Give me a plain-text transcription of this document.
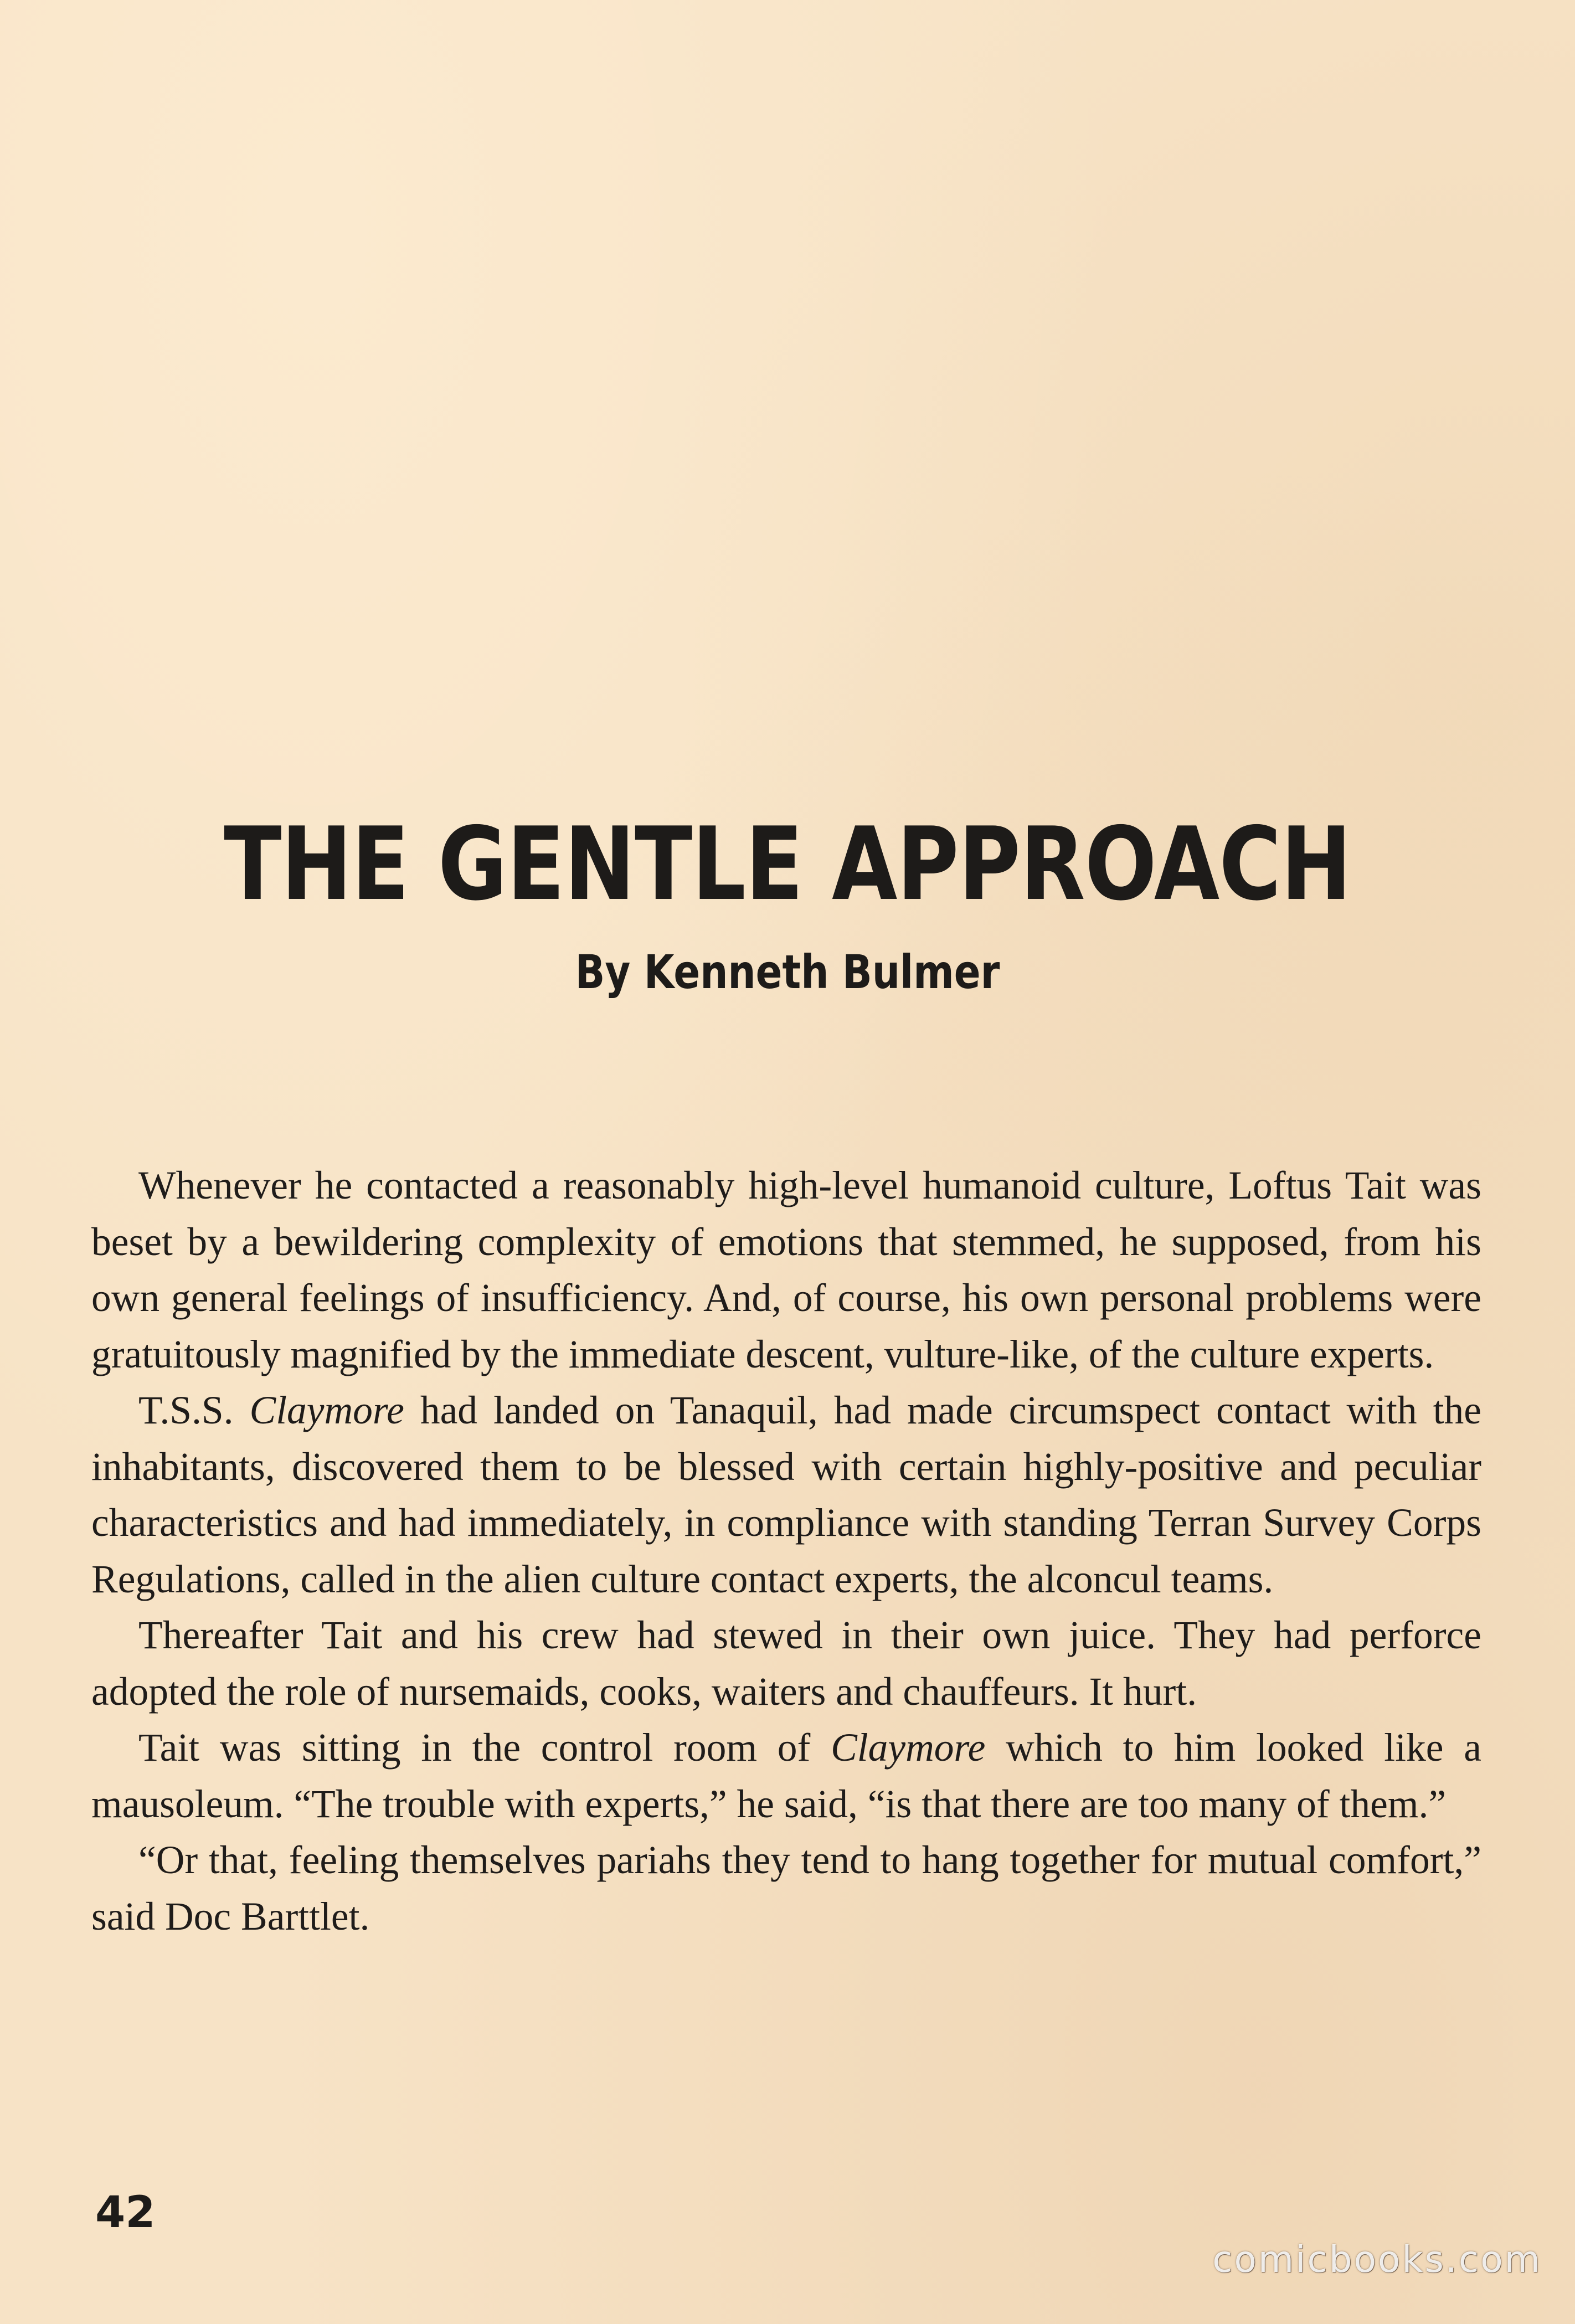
THE GENTLE APPROACH
By Kenneth Bulmer

Whenever he contacted a reasonably high-level humanoid culture, Loftus Tait was beset by a bewildering complexity of emotions that stemmed, he supposed, from his own general feelings of insufficiency. And, of course, his own personal problems were gratuitously magnified by the immediate descent, vulture-like, of the culture experts.

T.S.S. Claymore had landed on Tanaquil, had made circumspect contact with the inhabitants, discovered them to be blessed with certain highly-positive and peculiar characteristics and had immediately, in compliance with standing Terran Survey Corps Regulations, called in the alien culture contact experts, the alconcul teams.

Thereafter Tait and his crew had stewed in their own juice. They had perforce adopted the role of nursemaids, cooks, waiters and chauffeurs. It hurt.

Tait was sitting in the control room of Claymore which to him looked like a mausoleum. “The trouble with experts,” he said, “is that there are too many of them.”

“Or that, feeling themselves pariahs they tend to hang together for mutual comfort,” said Doc Barttlet.

42
comicbooks.com
